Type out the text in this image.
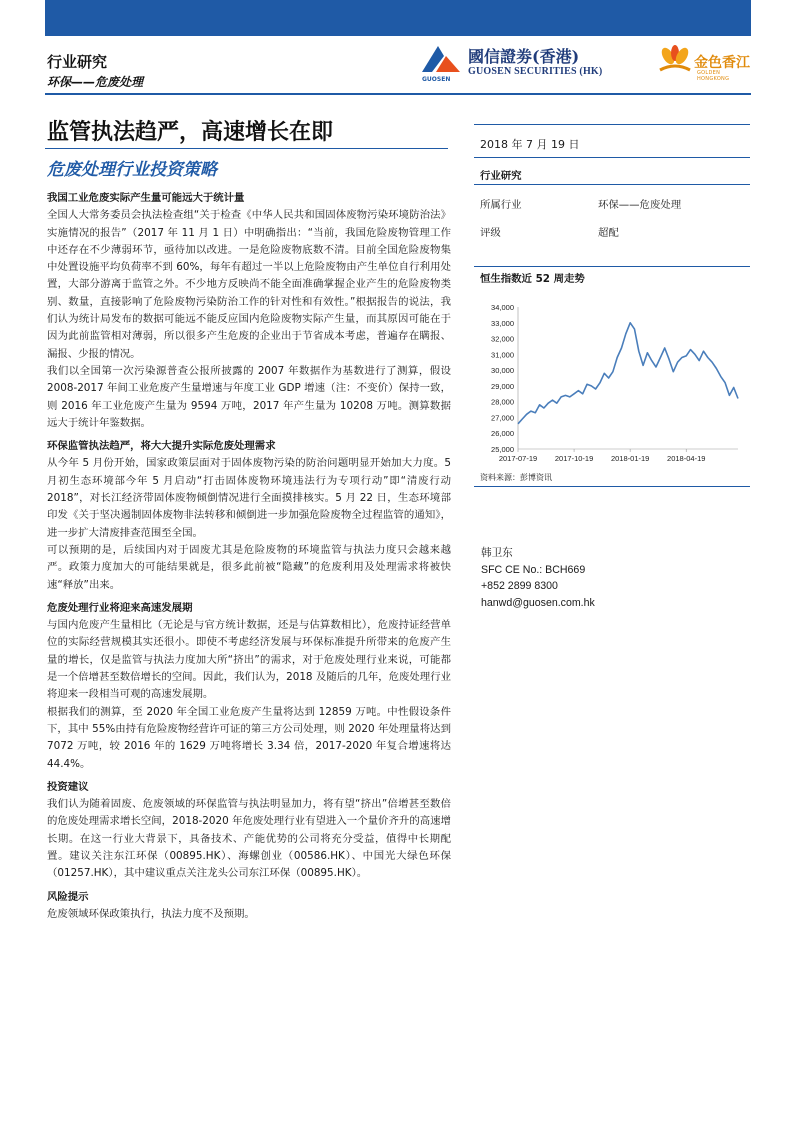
行业研究
环保——危废处理	GUOSEN
國信證劵(香港)
GUOSEN SECURITIES (HK)
金色香江
GOLDEN HONGKONG
监管执法趋严，高速增长在即
危废处理行业投资策略
我国工业危废实际产生量可能远大于统计量
全国人大常务委员会执法检查组“关于检查《中华人民共和国固体废物污染环境防治法》实施情况的报告”（2017 年 11 月 1 日）中明确指出：“当前，我国危险废物管理工作中还存在不少薄弱环节，亟待加以改进。一是危险废物底数不清。目前全国危险废物集中处置设施平均负荷率不到 60%，每年有超过一半以上危险废物由产生单位自行利用处置，大部分游离于监管之外。不少地方反映尚不能全面准确掌握企业产生的危险废物类别、数量，直接影响了危险废物污染防治工作的针对性和有效性。”根据报告的说法，我们认为统计局发布的数据可能远不能反应国内危险废物实际产生量，而其原因可能在于因为此前监管相对薄弱，所以很多产生危废的企业出于节省成本考虑，普遍存在瞒报、漏报、少报的情况。
我们以全国第一次污染源普查公报所披露的 2007 年数据作为基数进行了测算，假设 2008-2017 年间工业危废产生量增速与年度工业 GDP 增速（注：不变价）保持一致，则 2016 年工业危废产生量为 9594 万吨，2017 年产生量为 10208 万吨。测算数据远大于统计年鉴数据。
环保监管执法趋严，将大大提升实际危废处理需求
从今年 5 月份开始，国家政策层面对于固体废物污染的防治问题明显开始加大力度。5 月初生态环境部今年 5 月启动“打击固体废物环境违法行为专项行动”即“清废行动 2018”，对长江经济带固体废物倾倒情况进行全面摸排核实。5 月 22 日，生态环境部印发《关于坚决遏制固体废物非法转移和倾倒进一步加强危险废物全过程监管的通知》，进一步扩大清废排查范围至全国。
可以预期的是，后续国内对于固废尤其是危险废物的环境监管与执法力度只会越来越严。政策力度加大的可能结果就是，很多此前被“隐藏”的危废利用及处理需求将被快速“释放”出来。
危废处理行业将迎来高速发展期
与国内危废产生量相比（无论是与官方统计数据，还是与估算数相比），危废持证经营单位的实际经营规模其实还很小。即使不考虑经济发展与环保标准提升所带来的危废产生量的增长，仅是监管与执法力度加大所“挤出”的需求，对于危废处理行业来说，可能都是一个倍增甚至数倍增长的空间。因此，我们认为，2018 及随后的几年，危废处理行业将迎来一段相当可观的高速发展期。
根据我们的测算，至 2020 年全国工业危废产生量将达到 12859 万吨。中性假设条件下，其中 55%由持有危险废物经营许可证的第三方公司处理，则 2020 年处理量将达到 7072 万吨，较 2016 年的 1629 万吨将增长 3.34 倍，2017-2020 年复合增速将达 44.4%。
投资建议
我们认为随着固废、危废领域的环保监管与执法明显加力，将有望“挤出”倍增甚至数倍的危废处理需求增长空间，2018-2020 年危废处理行业有望进入一个量价齐升的高速增长期。在这一行业大背景下，具备技术、产能优势的公司将充分受益，值得中长期配置。建议关注东江环保（00895.HK）、海螺创业（00586.HK）、中国光大绿色环保（01257.HK），其中建议重点关注龙头公司东江环保（00895.HK）。
风险提示
危废领域环保政策执行，执法力度不及预期。
2018 年 7 月 19 日
行业研究
所属行业	环保——危废处理
评级	超配
恒生指数近 52 周走势
25,000
26,000
27,000
28,000
29,000
30,000
31,000
32,000
33,000
34,000
2017-07-19 2017-10-19 2018-01-19 2018-04-19
资料来源：彭博资讯
韩卫东
SFC CE No.: BCH669
+852 2899 8300
hanwd@guosen.com.hk
